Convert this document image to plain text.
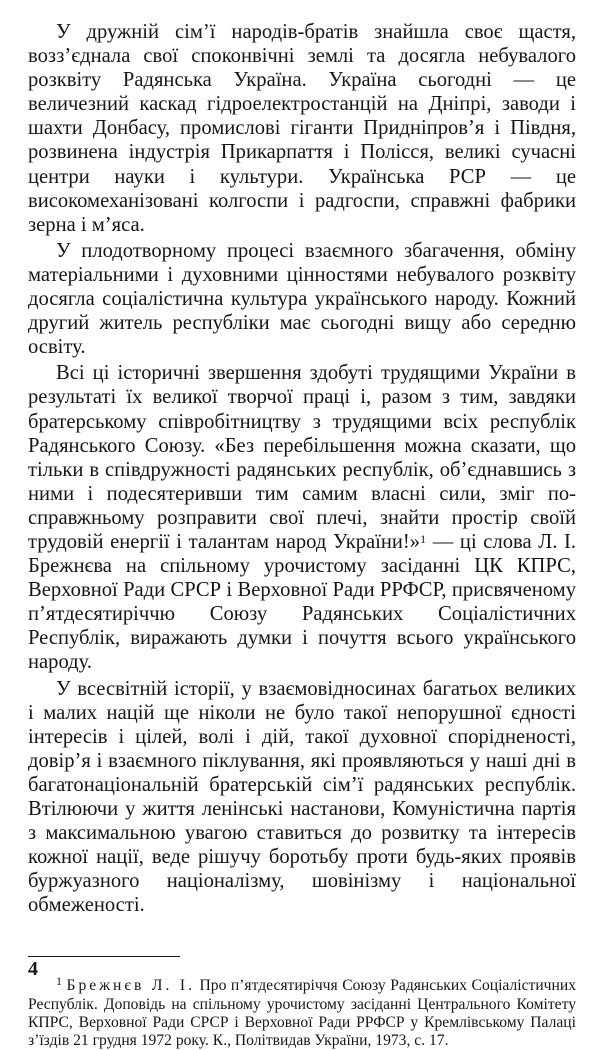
У дружній сім’ї народів-братів знайшла своє щастя, возз’єднала свої споконвічні землі та досягла небувалого розквіту Радянська Україна. Україна сьогодні — це величезний каскад гідроелектростанцій на Дніпрі, заводи і шахти Донбасу, промислові гіганти Придніпров’я і Півдня, розвинена індустрія Прикарпаття і Полісся, великі сучасні центри науки і культури. Українська РСР — це високомеханізовані колгоспи і радгоспи, справжні фабрики зерна і м’яса.

У плодотворному процесі взаємного збагачення, обміну матеріальними і духовними цінностями небувалого розквіту досягла соціалістична культура українського народу. Кожний другий житель республіки має сьогодні вищу або середню освіту.

Всі ці історичні звершення здобуті трудящими України в результаті їх великої творчої праці і, разом з тим, завдяки братерському співробітництву з трудящими всіх республік Радянського Союзу. «Без перебільшення можна сказати, що тільки в співдружності радянських республік, об’єднавшись з ними і подесятеривши тим самим власні сили, зміг по-справжньому розправити свої плечі, знайти простір своїй трудовій енергії і талантам народ України!»$^1$ — ці слова Л. І. Брежнєва на спільному урочистому засіданні ЦК КПРС, Верховної Ради СРСР і Верховної Ради РРФСР, присвяченому п’ятдесятиріччю Союзу Радянських Соціалістичних Республік, виражають думки і почуття всього українського народу.

У всесвітній історії, у взаємовідносинах багатьох великих і малих націй ще ніколи не було такої непорушної єдності інтересів і цілей, волі і дій, такої духовної спорідненості, довір’я і взаємного піклування, які проявляються у наші дні в багатонаціональній братерській сім’ї радянських республік. Втілюючи у життя ленінські настанови, Комуністична партія з максимальною увагою ставиться до розвитку та інтересів кожної нації, веде рішучу боротьбу проти будь-яких проявів буржуазного націоналізму, шовінізму і національної обмеженості.

$^1$ Брежнєв Л. І. Про п’ятдесятиріччя Союзу Радянських Соціалістичних Республік. Доповідь на спільному урочистому засіданні Центрального Комітету КПРС, Верховної Ради СРСР і Верховної Ради РРФСР у Кремлівському Палаці з’їздів 21 грудня 1972 року. К., Політвидав України, 1973, с. 17.

4
